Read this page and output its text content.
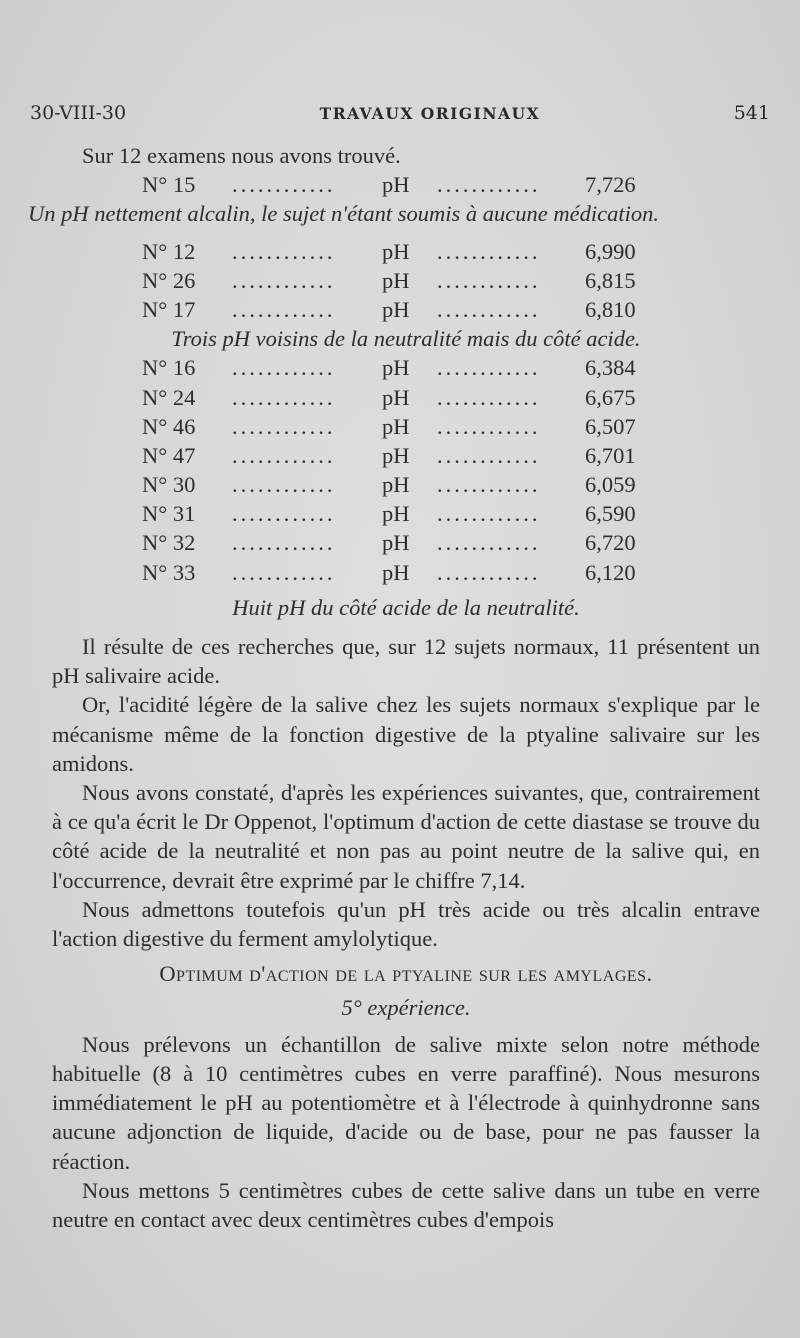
30-VIII-30	TRAVAUX ORIGINAUX	541
Sur 12 examens nous avons trouvé.
N° 15	............	pH	............	7,726
Un pH nettement alcalin, le sujet n'étant soumis à aucune médication.
N° 12	............	pH	............	6,990
N° 26	............	pH	............	6,815
N° 17	............	pH	............	6,810
Trois pH voisins de la neutralité mais du côté acide.
N° 16	............	pH	............	6,384
N° 24	............	pH	............	6,675
N° 46	............	pH	............	6,507
N° 47	............	pH	............	6,701
N° 30	............	pH	............	6,059
N° 31	............	pH	............	6,590
N° 32	............	pH	............	6,720
N° 33	............	pH	............	6,120
Huit pH du côté acide de la neutralité.

Il résulte de ces recherches que, sur 12 sujets normaux, 11 présentent un pH salivaire acide.

Or, l'acidité légère de la salive chez les sujets normaux s'explique par le mécanisme même de la fonction digestive de la ptyaline salivaire sur les amidons.

Nous avons constaté, d'après les expériences suivantes, que, contrairement à ce qu'a écrit le Dr Oppenot, l'optimum d'action de cette diastase se trouve du côté acide de la neutralité et non pas au point neutre de la salive qui, en l'occurrence, devrait être exprimé par le chiffre 7,14.

Nous admettons toutefois qu'un pH très acide ou très alcalin entrave l'action digestive du ferment amylolytique.

Optimum d'action de la ptyaline sur les amylages.
5° expérience.

Nous prélevons un échantillon de salive mixte selon notre méthode habituelle (8 à 10 centimètres cubes en verre paraffiné). Nous mesurons immédiatement le pH au potentiomètre et à l'électrode à quinhydronne sans aucune adjonction de liquide, d'acide ou de base, pour ne pas fausser la réaction.

Nous mettons 5 centimètres cubes de cette salive dans un tube en verre neutre en contact avec deux centimètres cubes d'empois
